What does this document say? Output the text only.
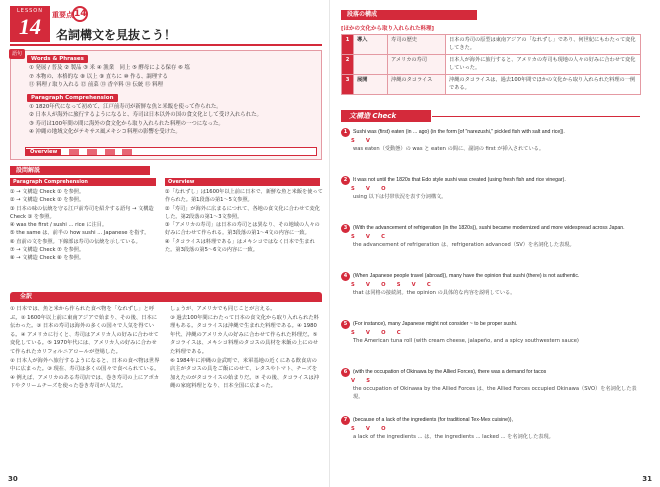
LESSON
14	重要点 14
名詞構文を見抜こう！
語句
Words & Phrases
① 発展 / 普及 ② 製品 ③ 米 ④ 漁業　同上 ⑤ 酵母による保存 ⑥ 塩
⑦ 本物の、本格的な ⑧ 以上 ⑨ 直ちに ⑩ 作る、調理する
⑪ 料理 / 取り入れる ⑫ 前菜 ⑬ 香辛料 ⑭ 伝統 ⑮ 料理
Paragraph Comprehension
① 1820年代になって初めて、江戸前寿司が新鮮な魚と米飯を使って作られた。
② 日本人が海外に旅行するようになると、寿司は日本以外の国の食文化として受け入れられた。
③ 寿司は100年間の間に海外の食文化から取り入れられた料理の一つになった。
④ 沖縄の地域文化がテキサス風メキシコ料理の影響を受けた。
Overview
設問解説
Paragraph Comprehension
① → 文構造 Check ① を参照。
② → 文構造 Check ② を参照。
③ 日本の味の伝統を守る江戸前寿司を紹介する語句 → 文構造 Check ③ を参照。
④ was the first / sushi ... rice に注目。
⑤ the same は、前半の how sushi ... Japanese を指す。
⑥ 直前の文を参照。下線部は寿司の伝統を示している。
⑦ → 文構造 Check ⑦ を参照。
⑧ → 文構造 Check ⑧ を参照。
Overview
①「なれずし」は1600年以上前に日本で、新鮮な魚と米飯を使って作られた。第1段落の第1〜5文参照。
②「寿司」が海外に広まるにつれて、各地の食文化に合わせて変化した。第2段落の第1〜3文参照。
③「アメリカの寿司」は日本の寿司とは異なり、その地域の人々の好みに合わせて作られる。第3段落の第1〜4文の内容に一致。
④「タコライスは料理である」はメキシコではなく日本で生まれた。第3段落の第5〜6文の内容に一致。
全訳
① 日本では、魚と米から作られた食べ物を「なれずし」と呼ぶ。② 1600年以上前に東南アジアで始まり、その後、日本に伝わった。③ 日本の寿司は海外の多くの国々で人気を得ている。④ アメリカに行くと、寿司はアメリカ人の好みに合わせて変化している。⑤ 1970年代には、アメリカ人の好みに合わせて作られたカリフォルニアロールが登場した。
② 日本人が海外へ旅行するようになると、日本の食べ物は世界中に広まった。③ 現在、寿司は多くの国々で食べられている。④ 例えば、アメリカのある寿司店では、巻き寿司の上にアボカドやクリームチーズを使った巻き寿司が人気だ。
しょうが、アメリカでも同じことが言える。
③ 過去100年間にわたって日本の食文化から取り入れられた料理もある。タコライスは沖縄で生まれた料理である。④ 1980年代、沖縄のアメリカ人の好みに合わせて作られた料理だ。⑤ タコライスは、メキシコ料理のタコスの具材を米飯の上にのせた料理である。
⑥ 1984年に沖縄の金武町で、米軍基地の近くにある飲食店の店主がタコスの具をご飯にのせて、レタスやトマト、チーズを加えたのがタコライスの始まりだ。⑦ その後、タコライスは沖縄の家庭料理となり、日本全国に広まった。
30
段落の構成
[ほかの文化から取り入れられた料理]
1	導入	寿司の歴史	日本の寿司の原型は東南アジアの「なれずし」であり、何世紀にもわたって変化してきた。
2		アメリカの寿司	日本人が海外に旅行すると、アメリカの寿司も現地の人々の好みに合わせて変化していった。
3	展開	沖縄のタコライス	沖縄のタコライスは、過去100年間でほかの文化から取り入れられた料理の一例である。
文構造 Check
1 Sushi was (first) eaten (in ... ago) (in the form [of "narezushi," pickled fish with salt and rice]).
S　V
was eaten（受動態）の was と eaten の間に、副詞の first が挿入されている。
2 It was not until the 1820s that Edo style sushi was created (using fresh fish and rice vinegar).
S　V　O
using 以下は付帯状況を表す分詞構文。
3 (With the advancement of refrigeration (in the 1820s)), sushi became modernized and more widespread across Japan.
S　V　C
the advancement of refrigeration は、refrigeration advanced（SV）を名詞化した表現。
4 (When Japanese people travel (abroad)), many have the opinion that sushi (there) is not authentic.
S　V　O　S　V　C
that は同格の接続詞。the opinion の具体的な内容を説明している。
5 (For instance), many Japanese might not consider ~ to be proper sushi.
S　V　O　C
The American tuna roll (with cream cheese, jalapeño, and a spicy southwestern sauce)
6 (with the occupation of Okinawa by the Allied Forces), there was a demand for tacos
V　S
the occupation of Okinawa by the Allied Forces は、the Allied Forces occupied Okinawa（SVO）を名詞化した表現。
7 (because of a lack of the ingredients (for traditional Tex-Mex cuisine)),
S　V　O
a lack of the ingredients ... は、the ingredients ... lacked ... を名詞化した表現。
31
